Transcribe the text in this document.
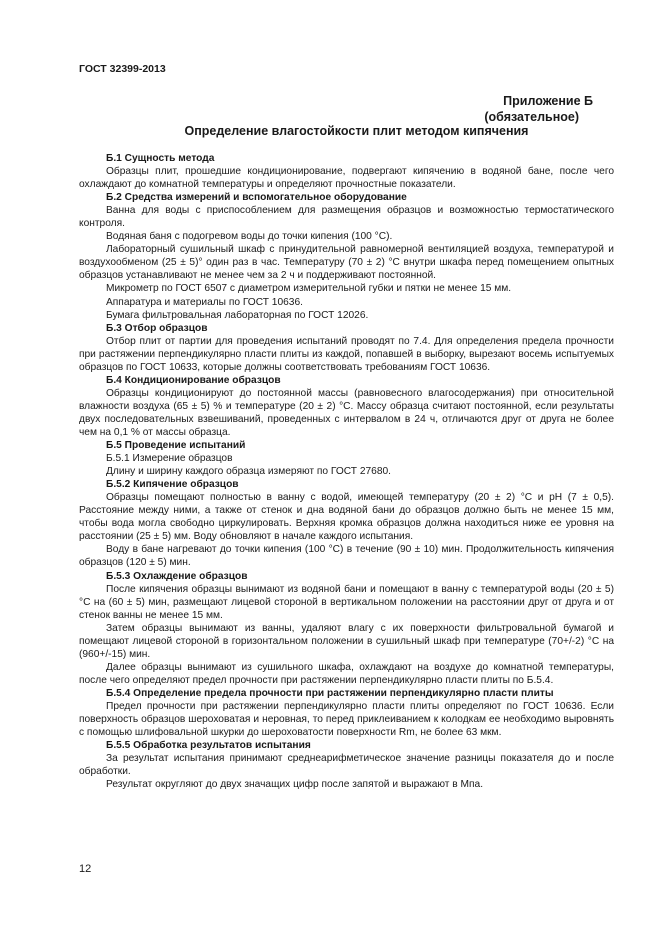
ГОСТ 32399-2013
Приложение Б
(обязательное)
Определение влагостойкости плит методом кипячения

Б.1 Сущность метода

Образцы плит, прошедшие кондиционирование, подвергают кипячению в водяной бане, после чего охлаждают до комнатной температуры и определяют прочностные показатели.

Б.2 Средства измерений и вспомогательное оборудование

Ванна для воды с приспособлением для размещения образцов и возможностью термостатического контроля.

Водяная баня с подогревом воды до точки кипения (100 °C).

Лабораторный сушильный шкаф с принудительной равномерной вентиляцией воздуха, температурой и воздухообменом (25 ± 5)° один раз в час. Температуру (70 ± 2) °C внутри шкафа перед помещением опытных образцов устанавливают не менее чем за 2 ч и поддерживают постоянной.

Микрометр по ГОСТ 6507 с диаметром измерительной губки и пятки не менее 15 мм.

Аппаратура и материалы по ГОСТ 10636.

Бумага фильтровальная лабораторная по ГОСТ 12026.

Б.3 Отбор образцов

Отбор плит от партии для проведения испытаний проводят по 7.4. Для определения предела прочности при растяжении перпендикулярно пласти плиты из каждой, попавшей в выборку, вырезают восемь испытуемых образцов по ГОСТ 10633, которые должны соответствовать требованиям ГОСТ 10636.

Б.4 Кондиционирование образцов

Образцы кондиционируют до постоянной массы (равновесного влагосодержания) при относительной влажности воздуха (65 ± 5) % и температуре (20 ± 2) °C. Массу образца считают постоянной, если результаты двух последовательных взвешиваний, проведенных с интервалом в 24 ч, отличаются друг от друга не более чем на 0,1 % от массы образца.

Б.5 Проведение испытаний

Б.5.1 Измерение образцов

Длину и ширину каждого образца измеряют по ГОСТ 27680.

Б.5.2 Кипячение образцов

Образцы помещают полностью в ванну с водой, имеющей температуру (20 ± 2) °C и pH (7 ± 0,5). Расстояние между ними, а также от стенок и дна водяной бани до образцов должно быть не менее 15 мм, чтобы вода могла свободно циркулировать. Верхняя кромка образцов должна находиться ниже ее уровня на расстоянии (25 ± 5) мм. Воду обновляют в начале каждого испытания.

Воду в бане нагревают до точки кипения (100 °C) в течение (90 ± 10) мин. Продолжительность кипячения образцов (120 ± 5) мин.

Б.5.3 Охлаждение образцов

После кипячения образцы вынимают из водяной бани и помещают в ванну с температурой воды (20 ± 5) °C на (60 ± 5) мин, размещают лицевой стороной в вертикальном положении на расстоянии друг от друга и от стенок ванны не менее 15 мм.

Затем образцы вынимают из ванны, удаляют влагу с их поверхности фильтровальной бумагой и помещают лицевой стороной в горизонтальном положении в сушильный шкаф при температуре (70+/-2) °C на (960+/-15) мин.

Далее образцы вынимают из сушильного шкафа, охлаждают на воздухе до комнатной температуры, после чего определяют предел прочности при растяжении перпендикулярно пласти плиты по Б.5.4.

Б.5.4 Определение предела прочности при растяжении перпендикулярно пласти плиты

Предел прочности при растяжении перпендикулярно пласти плиты определяют по ГОСТ 10636. Если поверхность образцов шероховатая и неровная, то перед приклеиванием к колодкам ее необходимо выровнять с помощью шлифовальной шкурки до шероховатости поверхности Rm, не более 63 мкм.

Б.5.5 Обработка результатов испытания

За результат испытания принимают среднеарифметическое значение разницы показателя до и после обработки.

Результат округляют до двух значащих цифр после запятой и выражают в Мпа.

12
